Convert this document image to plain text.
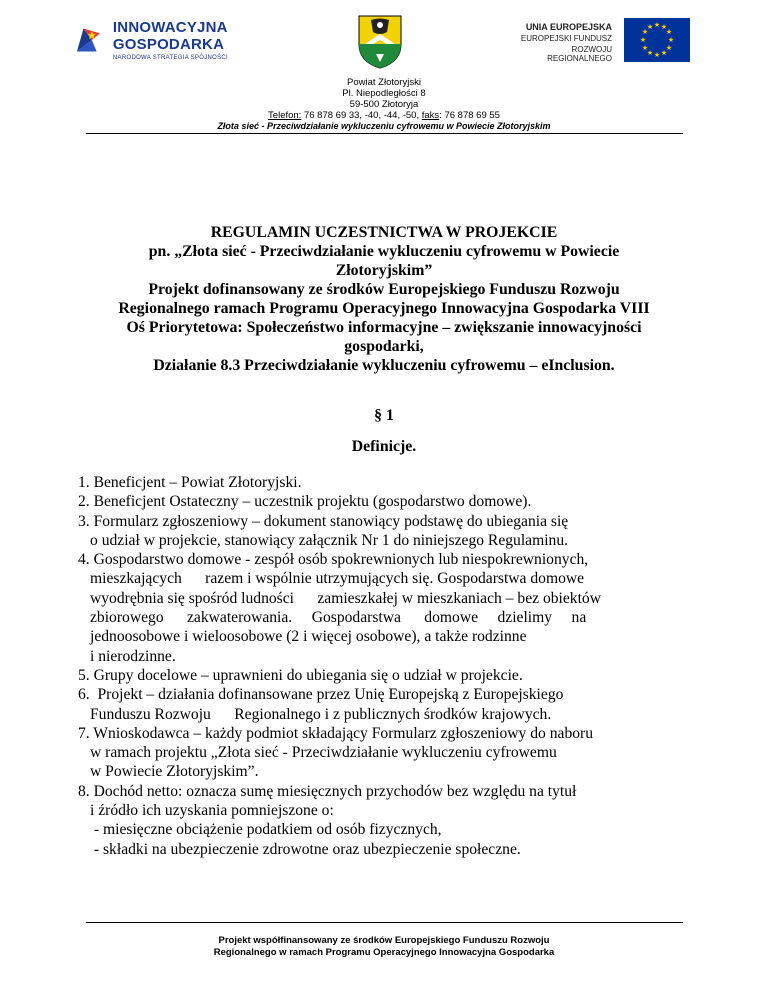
INNOWACYJNA GOSPODARKA
NARODOWA STRATEGIA SPÓJNOŚCI
UNIA EUROPEJSKA
EUROPEJSKI FUNDUSZ
ROZWOJU REGIONALNEGO
★ ★
★
★
★
★
★
★
★
★
★
★
Powiat Złotoryjski
Pl. Niepodległości 8
59-500 Złotoryja
Telefon: 76 878 69 33, -40, -44, -50, faks: 76 878 69 55
Złota sieć - Przeciwdziałanie wykluczeniu cyfrowemu w Powiecie Złotoryjskim
REGULAMIN UCZESTNICTWA W PROJEKCIE
pn. „Złota sieć - Przeciwdziałanie wykluczeniu cyfrowemu w Powiecie
Złotoryjskim”
Projekt dofinansowany ze środków Europejskiego Funduszu Rozwoju
Regionalnego ramach Programu Operacyjnego Innowacyjna Gospodarka VIII
Oś Priorytetowa: Społeczeństwo informacyjne – zwiększanie innowacyjności
gospodarki,
Działanie 8.3 Przeciwdziałanie wykluczeniu cyfrowemu – eInclusion.
§ 1
Definicje.
1. Beneficjent – Powiat Złotoryjski.
2. Beneficjent Ostateczny – uczestnik projektu (gospodarstwo domowe).
3. Formularz zgłoszeniowy – dokument stanowiący podstawę do ubiegania się
o udział w projekcie, stanowiący załącznik Nr 1 do niniejszego Regulaminu.
4. Gospodarstwo domowe - zespół osób spokrewnionych lub niespokrewnionych,
mieszkających      razem i wspólnie utrzymujących się. Gospodarstwa domowe
wyodrębnia się spośród ludności      zamieszkałej w mieszkaniach – bez obiektów
zbiorowego      zakwaterowania.     Gospodarstwa      domowe     dzielimy     na
jednoosobowe i wieloosobowe (2 i więcej osobowe), a także rodzinne
i nierodzinne.
5. Grupy docelowe – uprawnieni do ubiegania się o udział w projekcie.
6.  Projekt – działania dofinansowane przez Unię Europejską z Europejskiego
Funduszu Rozwoju      Regionalnego i z publicznych środków krajowych.
7. Wnioskodawca – każdy podmiot składający Formularz zgłoszeniowy do naboru
w ramach projektu „Złota sieć - Przeciwdziałanie wykluczeniu cyfrowemu
w Powiecie Złotoryjskim”.
8. Dochód netto: oznacza sumę miesięcznych przychodów bez względu na tytuł
i źródło ich uzyskania pomniejszone o:
- miesięczne obciążenie podatkiem od osób fizycznych,
- składki na ubezpieczenie zdrowotne oraz ubezpieczenie społeczne.
Projekt współfinansowany ze środków Europejskiego Funduszu Rozwoju
Regionalnego w ramach Programu Operacyjnego Innowacyjna Gospodarka
